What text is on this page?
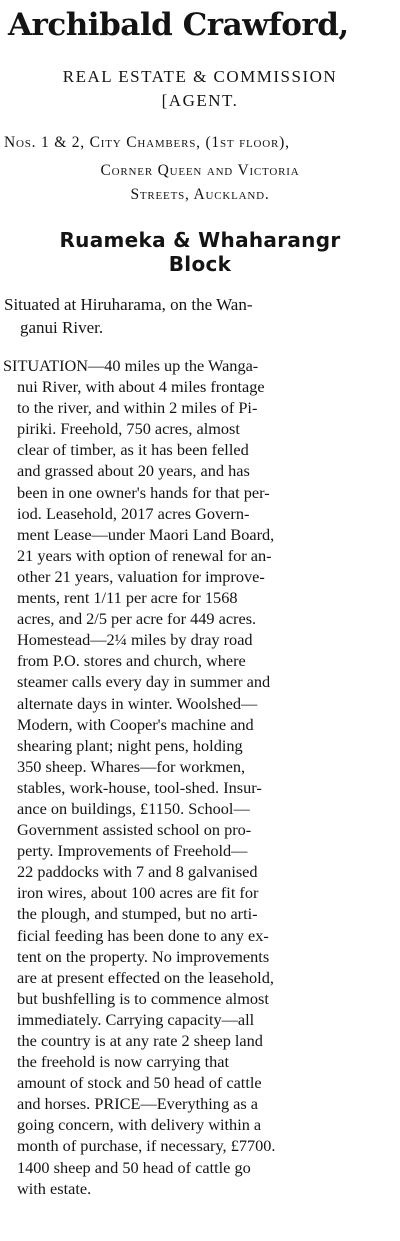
Archibald Crawford,
REAL ESTATE & COMMISSION
[AGENT.
Nos. 1 & 2, City Chambers, (1st floor),
Corner Queen and Victoria
Streets, Auckland.
Ruameka & Whaharangr
Block
Situated at Hiruharama, on the Wan-
ganui River.
SITUATION—40 miles up the Wanga-
nui River, with about 4 miles frontage
to the river, and within 2 miles of Pi-
piriki. Freehold, 750 acres, almost
clear of timber, as it has been felled
and grassed about 20 years, and has
been in one owner's hands for that per-
iod. Leasehold, 2017 acres Govern-
ment Lease—under Maori Land Board,
21 years with option of renewal for an-
other 21 years, valuation for improve-
ments, rent 1/11 per acre for 1568
acres, and 2/5 per acre for 449 acres.
Homestead—2¼ miles by dray road
from P.O. stores and church, where
steamer calls every day in summer and
alternate days in winter. Woolshed—
Modern, with Cooper's machine and
shearing plant; night pens, holding
350 sheep. Whares—for workmen,
stables, work-house, tool-shed. Insur-
ance on buildings, £1150. School—
Government assisted school on pro-
perty. Improvements of Freehold—
22 paddocks with 7 and 8 galvanised
iron wires, about 100 acres are fit for
the plough, and stumped, but no arti-
ficial feeding has been done to any ex-
tent on the property. No improvements
are at present effected on the leasehold,
but bushfelling is to commence almost
immediately. Carrying capacity—all
the country is at any rate 2 sheep land
the freehold is now carrying that
amount of stock and 50 head of cattle
and horses. PRICE—Everything as a
going concern, with delivery within a
month of purchase, if necessary, £7700.
1400 sheep and 50 head of cattle go
with estate.
